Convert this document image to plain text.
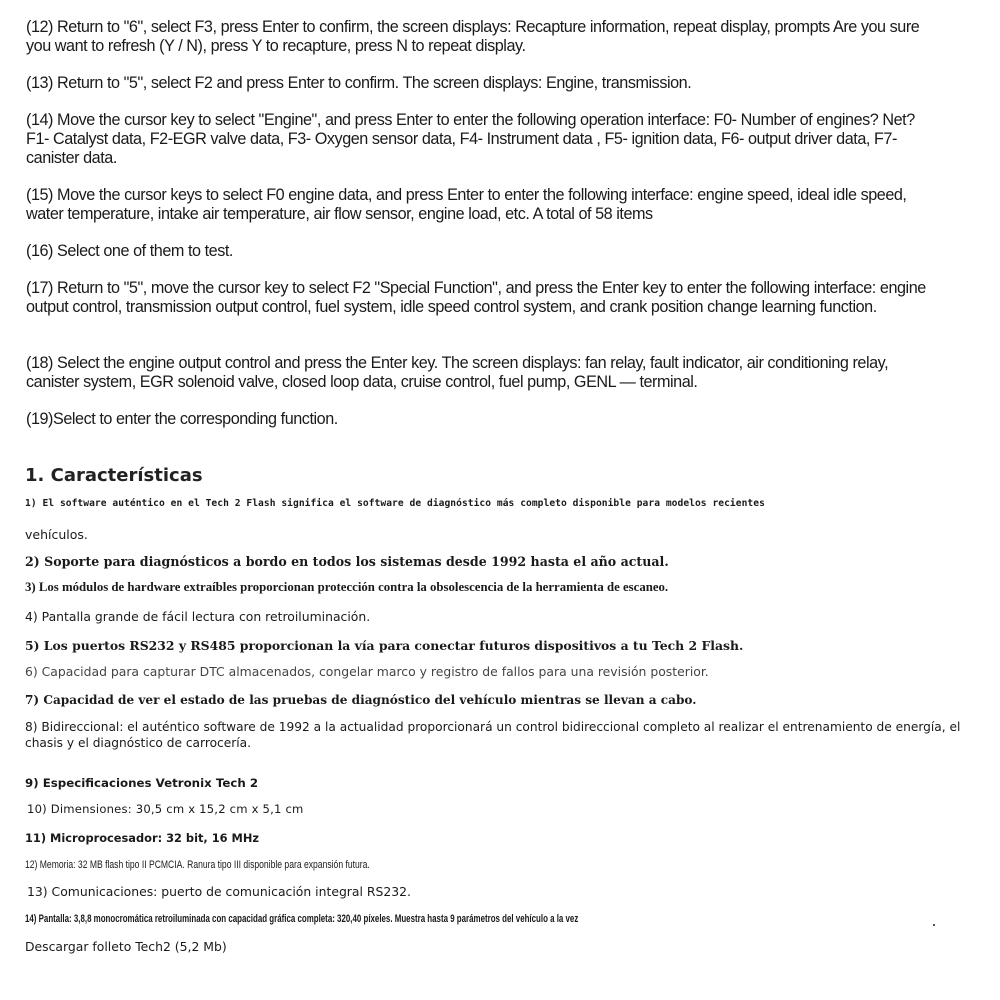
(12) Return to "6", select F3, press Enter to confirm, the screen displays: Recapture information, repeat display, prompts Are you sure you want to refresh (Y / N), press Y to recapture, press N to repeat display.

(13) Return to "5", select F2 and press Enter to confirm. The screen displays: Engine, transmission.

(14) Move the cursor key to select "Engine", and press Enter to enter the following operation interface: F0- Number of engines? Net? F1- Catalyst data, F2-EGR valve data, F3- Oxygen sensor data, F4- Instrument data , F5- ignition data, F6- output driver data, F7- canister data.

(15) Move the cursor keys to select F0 engine data, and press Enter to enter the following interface: engine speed, ideal idle speed, water temperature, intake air temperature, air flow sensor, engine load, etc. A total of 58 items

(16) Select one of them to test.

(17) Return to "5", move the cursor key to select F2 "Special Function", and press the Enter key to enter the following interface: engine output control, transmission output control, fuel system, idle speed control system, and crank position change learning function.

(18) Select the engine output control and press the Enter key. The screen displays: fan relay, fault indicator, air conditioning relay, canister system, EGR solenoid valve, closed loop data, cruise control, fuel pump, GENL — terminal.

(19)Select to enter the corresponding function.

1. Características

1) El software auténtico en el Tech 2 Flash significa el software de diagnóstico más completo disponible para modelos recientes

vehículos.

2) Soporte para diagnósticos a bordo en todos los sistemas desde 1992 hasta el año actual.

3) Los módulos de hardware extraíbles proporcionan protección contra la obsolescencia de la herramienta de escaneo.

4) Pantalla grande de fácil lectura con retroiluminación.

5) Los puertos RS232 y RS485 proporcionan la vía para conectar futuros dispositivos a tu Tech 2 Flash.

6) Capacidad para capturar DTC almacenados, congelar marco y registro de fallos para una revisión posterior.

7) Capacidad de ver el estado de las pruebas de diagnóstico del vehículo mientras se llevan a cabo.

8) Bidireccional: el auténtico software de 1992 a la actualidad proporcionará un control bidireccional completo al realizar el entrenamiento de energía, el chasis y el diagnóstico de carrocería.

9) Especificaciones Vetronix Tech 2

10) Dimensiones: 30,5 cm x 15,2 cm x 5,1 cm

11) Microprocesador: 32 bit, 16 MHz

12) Memoria: 32 MB flash tipo II PCMCIA. Ranura tipo III disponible para expansión futura.

13) Comunicaciones: puerto de comunicación integral RS232.

14) Pantalla: 3,8,8 monocromática retroiluminada con capacidad gráfica completa: 320,40 píxeles. Muestra hasta 9 parámetros del vehículo a la vez

Descargar folleto Tech2 (5,2 Mb)
